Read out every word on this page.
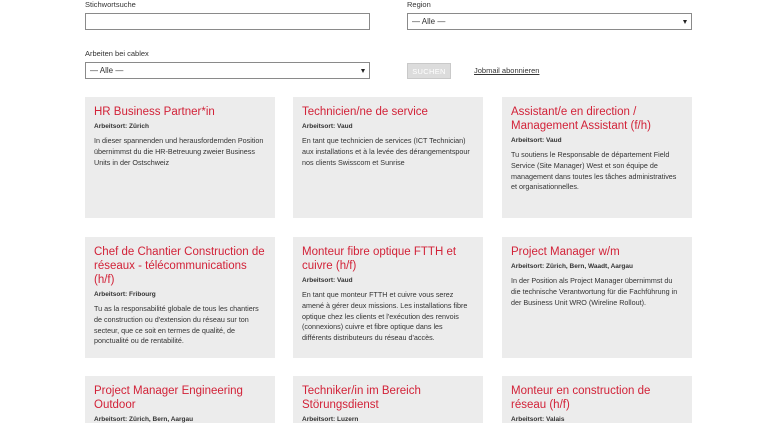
Stichwortsuche	Region
— Alle —
Arbeiten bei cablex
— Alle —	SUCHEN	Jobmail abonnieren
HR Business Partner*in
Arbeitsort: Zürich
In dieser spannenden und herausfordernden Position übernimmst du die HR-Betreuung zweier Business Units in der Ostschweiz
Technicien/ne de service
Arbeitsort: Vaud
En tant que technicien de services (ICT Technician) aux installations et à la levée des dérangementspour nos clients Swisscom et Sunrise
Assistant/e en direction / Management Assistant (f/h)
Arbeitsort: Vaud
Tu soutiens le Responsable de département Field Service (Site Manager) West et son équipe de management dans toutes les tâches administratives et organisationnelles.
Chef de Chantier Construction de réseaux - télécommunications (h/f)
Arbeitsort: Fribourg
Tu as la responsabilité globale de tous les chantiers de construction ou d'extension du réseau sur ton secteur, que ce soit en termes de qualité, de ponctualité ou de rentabilité.
Monteur fibre optique FTTH et cuivre (h/f)
Arbeitsort: Vaud
En tant que monteur FTTH et cuivre vous serez amené à gérer deux missions. Les installations fibre optique chez les clients et l'exécution des renvois (connexions) cuivre et fibre optique dans les différents distributeurs du réseau d'accès.
Project Manager w/m
Arbeitsort: Zürich, Bern, Waadt, Aargau
In der Position als Project Manager übernimmst du die technische Verantwortung für die Fachführung in der Business Unit WRO (Wireline Rollout).
Project Manager Engineering Outdoor
Arbeitsort: Zürich, Bern, Aargau
Techniker/in im Bereich Störungsdienst
Arbeitsort: Luzern
Monteur en construction de réseau (h/f)
Arbeitsort: Valais
